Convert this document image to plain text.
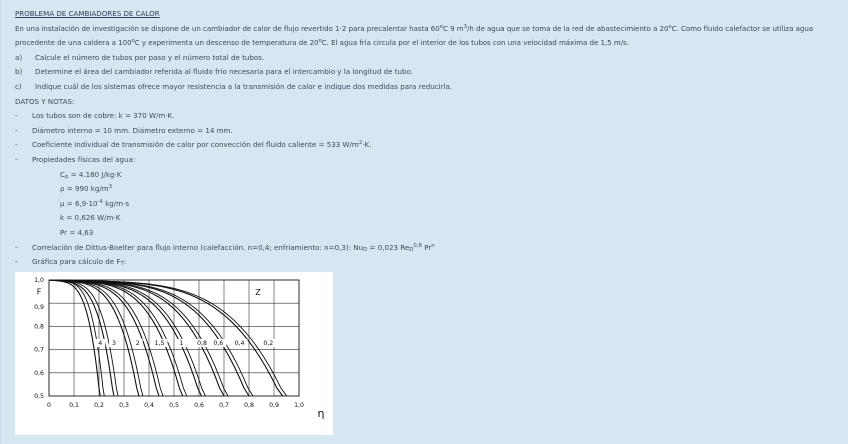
PROBLEMA DE CAMBIADORES DE CALOR
En una instalación de investigación se dispone de un cambiador de calor de flujo revertido 1-2 para precalentar hasta 60$^o$C 9 $m^3/h$ de agua que se toma de la red de abastecimiento a 20$^o$C. Como fluido calefactor se utiliza agua
procedente de una caldera a 100$^o$C y experimenta un descenso de temperatura de 20$^o$C. El agua fría circula por el interior de los tubos con una velocidad máxima de 1,5 m/s.
a) Calcule el número de tubos por paso y el número total de tubos.
b) Determine el área del cambiador referida al fluido frío necesaria para el intercambio y la longitud de tubo.
c) Indique cuál de los sistemas ofrece mayor resistencia a la transmisión de calor e indique dos medidas para reducirla.
DATOS Y NOTAS:
- Los tubos son de cobre: k = 370 W/m·K.
- Diámetro interno = 10 mm. Diámetro externo = 14 mm.
- Coeficiente individual de transmisión de calor por convección del fluido caliente = 533 $W/m^2\cdot K$.
- Propiedades físicas del agua:
$C_p = 4.180$ J/kg·K
ρ = 990 $kg/m^3$
$\mu = 6,9\cdot 10^{-4}$ kg/m·s
k = 0,626 W/m·K
Pr = 4,63
- Correlación de Dittus-Boelter para flujo interno (calefacción. n=0,4; enfriamiento: n=0,3): $Nu_D = 0,023$ $Re_D^{0,8}$ Pr$^n$
- Gráfica para cálculo de $F_T$:
0,5
0,6
0,7
0,8
0,9
1,0
0	0,1 0,2 0,3 0,4 0,5 0,6 0,7 0,8 0,9 1,0
F
η
Z
4 3	2 1,5 1 0,8 0,6 0,4	0,2
